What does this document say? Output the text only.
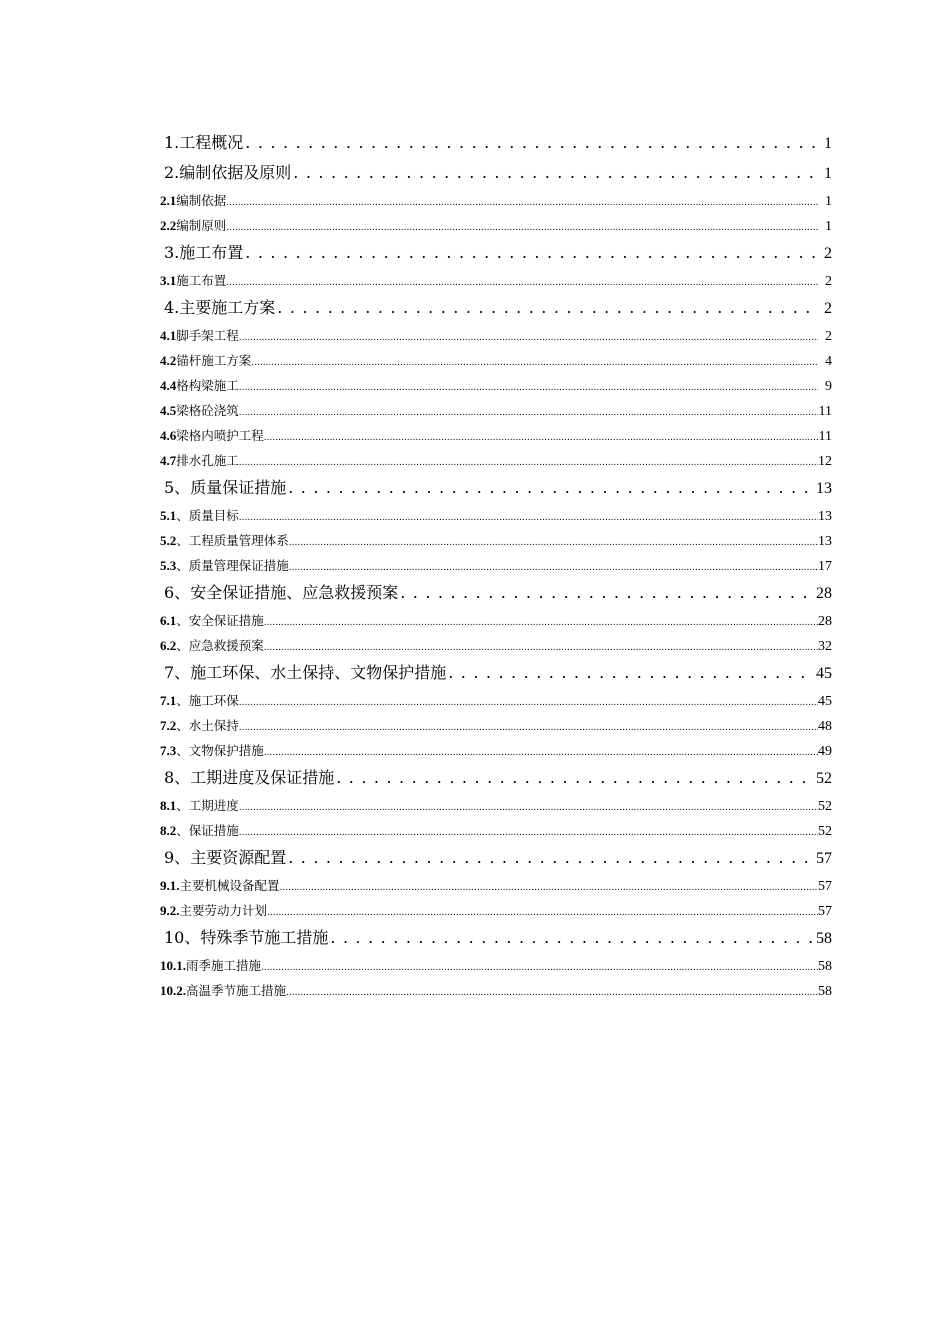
1. 工程概况 . . .	1
2. 编制依据及原则 . . .	1
2.1 编制依据 .....	1
2.2 编制原则 .....	1
3. 施工布置 . . .	2
3.1 施工布置 .....	2
4. 主要施工方案 . . .	2
4.1 脚手架工程 .....	2
4.2 锚杆施工方案 .....	4
4.4 格构梁施工 .....	9
4.5 梁格砼浇筑 .....	11
4.6 梁格内喷护工程 .....	11
4.7 排水孔施工 .....	12
5、 质量保证措施 . . .	13
5.1 、质量目标 .....	13
5.2 、工程质量管理体系 .....	13
5.3 、质量管理保证措施 .....	17
6、 安全保证措施、应急救援预案 . . .	28
6.1 、安全保证措施 .....	28
6.2 、应急救援预案 .....	32
7、 施工环保、水土保持、文物保护措施 . . .	45
7.1 、施工环保 .....	45
7.2 、水土保持 .....	48
7.3 、文物保护措施 .....	49
8、 工期进度及保证措施 . . .	52
8.1 、工期进度 .....	52
8.2 、保证措施 .....	52
9、 主要资源配置 . . .	57
9.1. 主要机械设备配置 .....	57
9.2. 主要劳动力计划 .....	57
10、 特殊季节施工措施 . . .	58
10.1. 雨季施工措施 .....	58
10.2. 高温季节施工措施 .....	58
